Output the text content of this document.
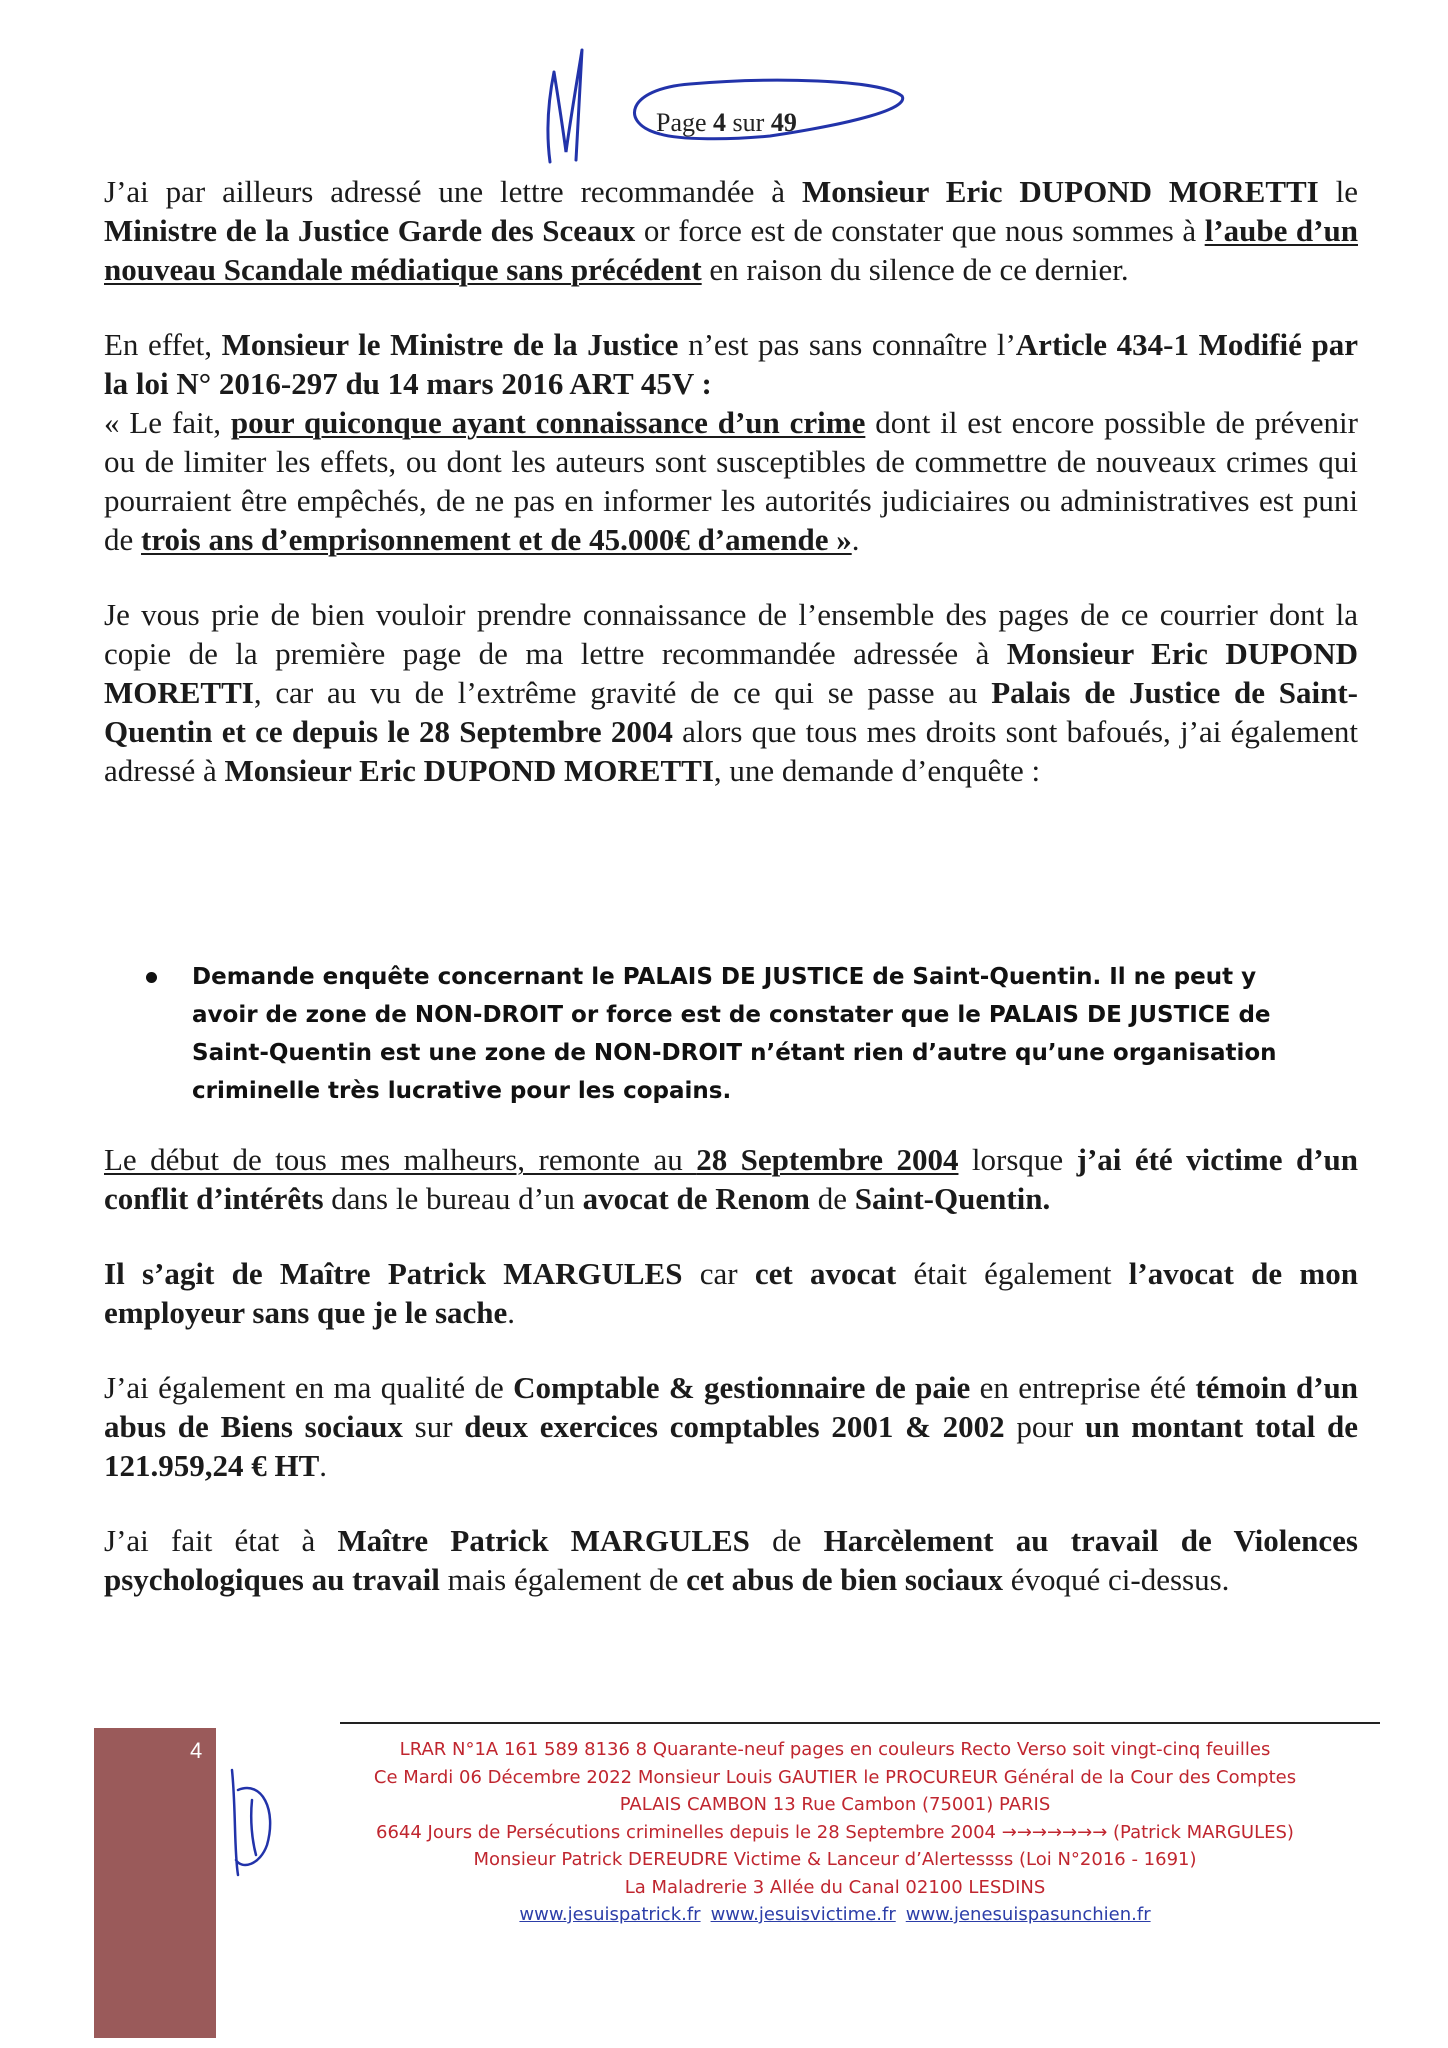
Page 4 sur 49

J’ai par ailleurs adressé une lettre recommandée à Monsieur Eric DUPOND MORETTI le Ministre de la Justice Garde des Sceaux or force est de constater que nous sommes à l’aube d’un nouveau Scandale médiatique sans précédent en raison du silence de ce dernier.

En effet, Monsieur le Ministre de la Justice n’est pas sans connaître l’Article 434-1 Modifié par la loi N° 2016-297 du 14 mars 2016 ART 45V :
« Le fait, pour quiconque ayant connaissance d’un crime dont il est encore possible de prévenir ou de limiter les effets, ou dont les auteurs sont susceptibles de commettre de nouveaux crimes qui pourraient être empêchés, de ne pas en informer les autorités judiciaires ou administratives est puni de trois ans d’emprisonnement et de 45.000€ d’amende ».

Je vous prie de bien vouloir prendre connaissance de l’ensemble des pages de ce courrier dont la copie de la première page de ma lettre recommandée adressée à Monsieur Eric DUPOND MORETTI, car au vu de l’extrême gravité de ce qui se passe au Palais de Justice de Saint-Quentin et ce depuis le 28 Septembre 2004 alors que tous mes droits sont bafoués, j’ai également adressé à Monsieur Eric DUPOND MORETTI, une demande d’enquête :

Demande enquête concernant le PALAIS DE JUSTICE de Saint-Quentin. Il ne peut y avoir de zone de NON-DROIT or force est de constater que le PALAIS DE JUSTICE de Saint-Quentin est une zone de NON-DROIT n’étant rien d’autre qu’une organisation criminelle très lucrative pour les copains.

Le début de tous mes malheurs, remonte au 28 Septembre 2004 lorsque j’ai été victime d’un conflit d’intérêts dans le bureau d’un avocat de Renom de Saint-Quentin.

Il s’agit de Maître Patrick MARGULES car cet avocat était également l’avocat de mon employeur sans que je le sache.

J’ai également en ma qualité de Comptable & gestionnaire de paie en entreprise été témoin d’un abus de Biens sociaux sur deux exercices comptables 2001 & 2002 pour un montant total de 121.959,24 € HT.

J’ai fait état à Maître Patrick MARGULES de Harcèlement au travail de Violences psychologiques au travail mais également de cet abus de bien sociaux évoqué ci-dessus.

4	LRAR N°1A 161 589 8136 8 Quarante-neuf pages en couleurs Recto Verso soit vingt-cinq feuilles
Ce Mardi 06 Décembre 2022 Monsieur Louis GAUTIER le PROCUREUR Général de la Cour des Comptes
PALAIS CAMBON 13 Rue Cambon (75001) PARIS
6644 Jours de Persécutions criminelles depuis le 28 Septembre 2004 →→→→→→→ (Patrick MARGULES)
Monsieur Patrick DEREUDRE Victime & Lanceur d’Alertessss (Loi N°2016 - 1691)
La Maladrerie 3 Allée du Canal 02100 LESDINS
www.jesuispatrick.fr www.jesuisvictime.fr www.jenesuispasunchien.fr
